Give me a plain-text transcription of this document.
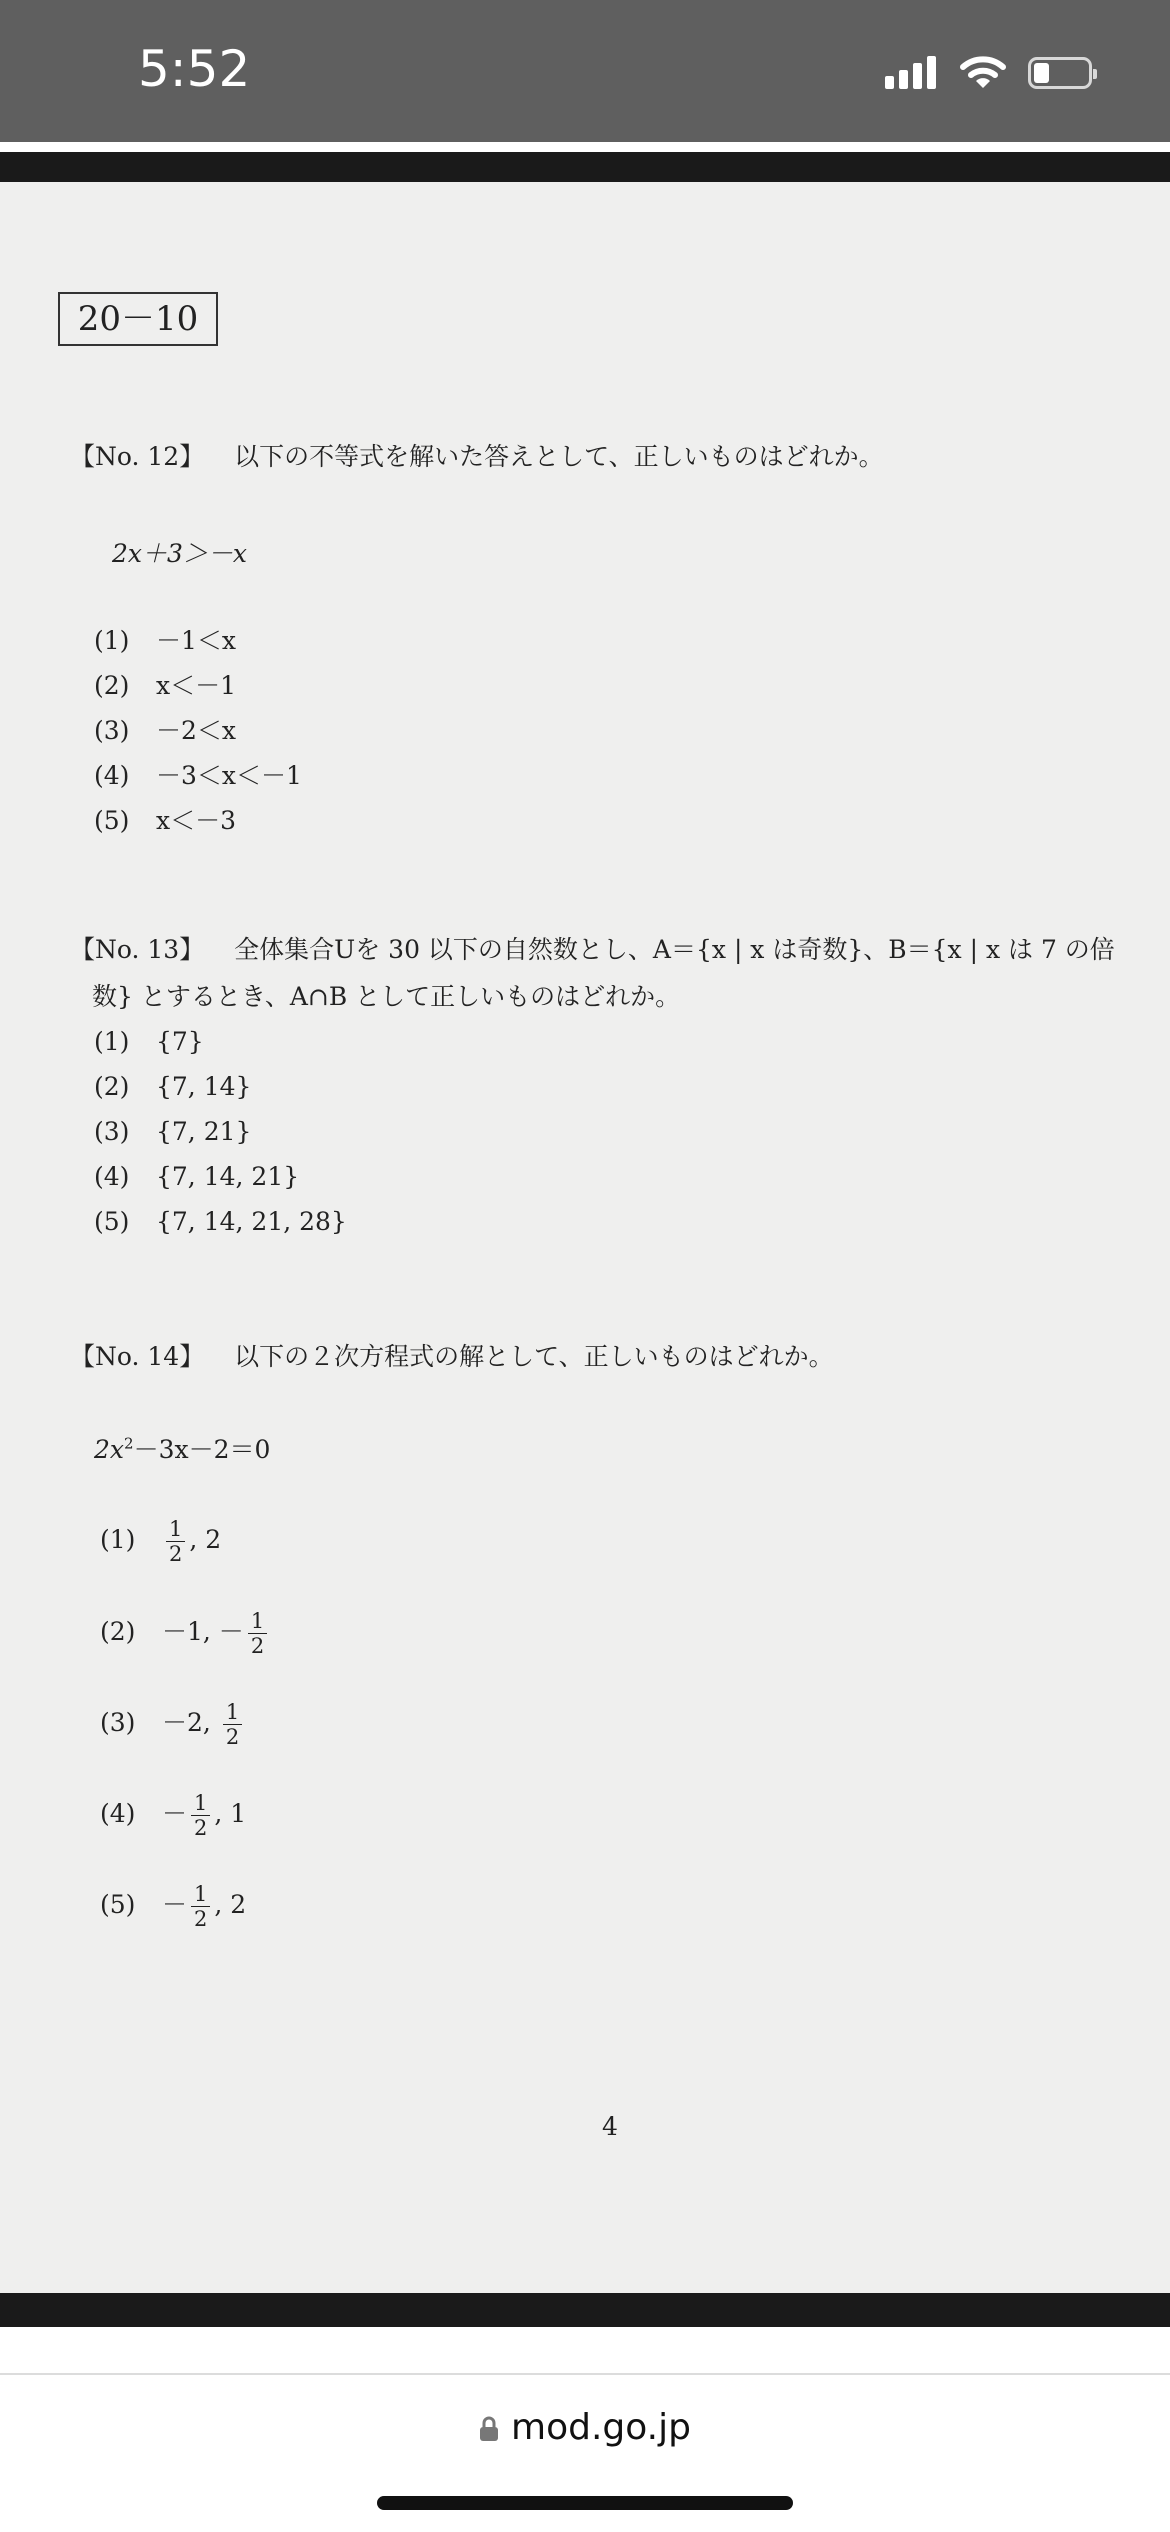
5:52
20－10
【No. 12】 以下の不等式を解いた答えとして、正しいものはどれか。
2x＋3＞－x
(1) －1＜x
(2) x＜－1
(3) －2＜x
(4) －3＜x＜－1
(5) x＜－3
【No. 13】 全体集合Uを 30 以下の自然数とし、A＝{x | x は奇数}、B＝{x | x は 7 の倍
数} とするとき、A∩B として正しいものはどれか。
(1) {7}
(2) {7, 14}
(3) {7, 21}
(4) {7, 14, 21}
(5) {7, 14, 21, 28}
【No. 14】 以下の２次方程式の解として、正しいものはどれか。
$2x^2-3x-2=0$
$(1) \frac{1}{2}$ , 2
(2) －1, － $\frac{1}{2}$
(3) －2, $\frac{1}{2}$
$(4) - \frac{1}{2}$ , 1
$(5) - \frac{1}{2}$ , 2
4
mod.go.jp
